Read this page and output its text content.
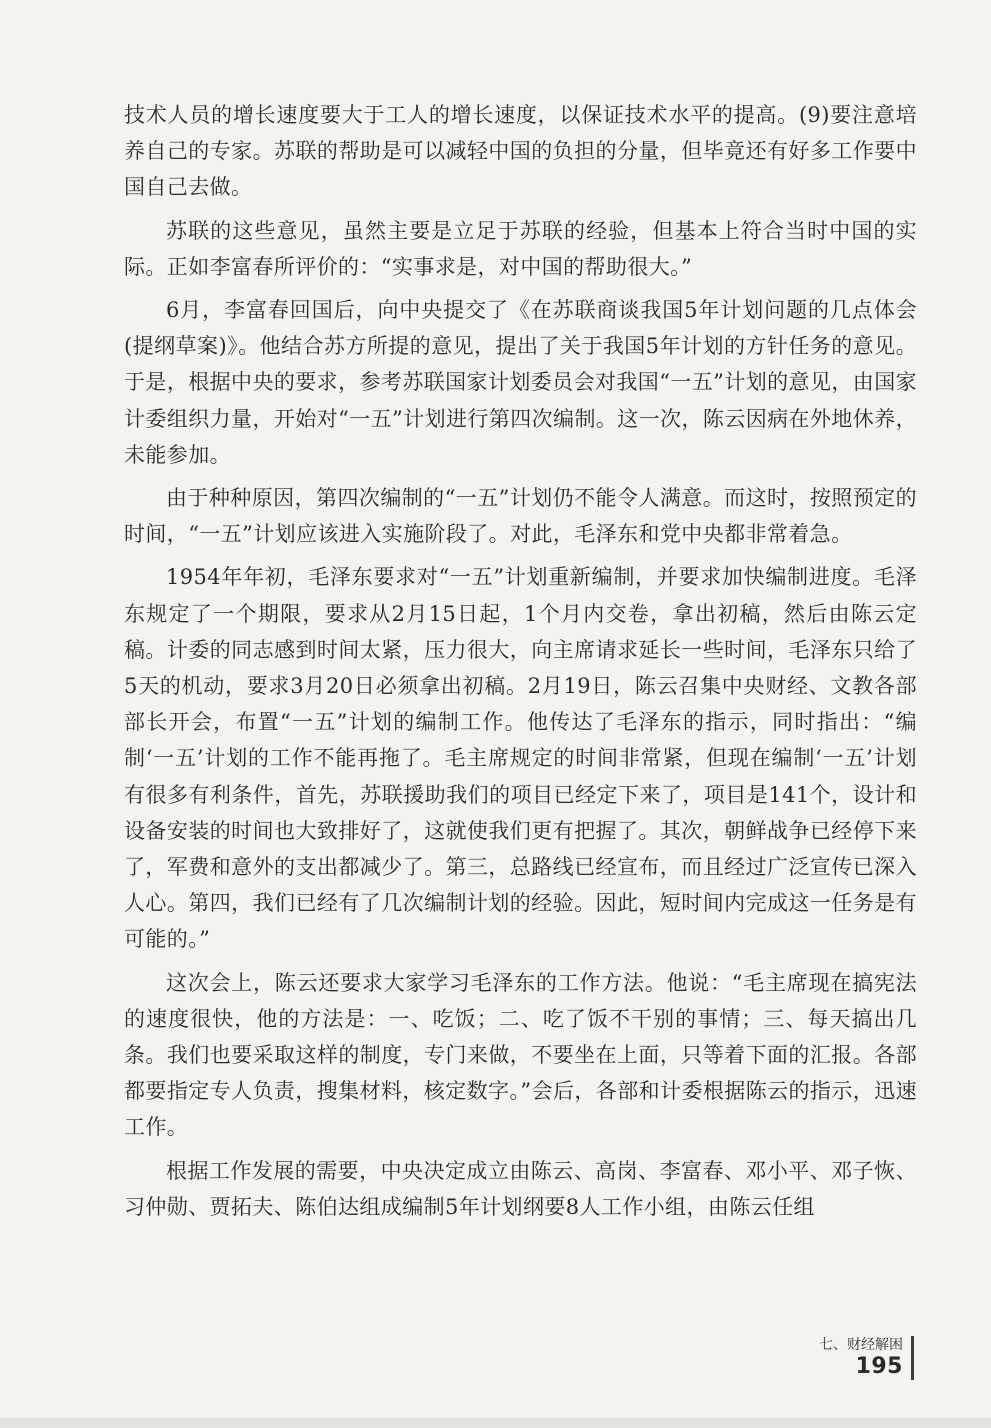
技术人员的增长速度要大于工人的增长速度，以保证技术水平的提高。(9)要注意培养自己的专家。苏联的帮助是可以减轻中国的负担的分量，但毕竟还有好多工作要中国自己去做。

苏联的这些意见，虽然主要是立足于苏联的经验，但基本上符合当时中国的实际。正如李富春所评价的：“实事求是，对中国的帮助很大。”

6月，李富春回国后，向中央提交了《在苏联商谈我国5年计划问题的几点体会(提纲草案)》。他结合苏方所提的意见，提出了关于我国5年计划的方针任务的意见。于是，根据中央的要求，参考苏联国家计划委员会对我国“一五”计划的意见，由国家计委组织力量，开始对“一五”计划进行第四次编制。这一次，陈云因病在外地休养，未能参加。

由于种种原因，第四次编制的“一五”计划仍不能令人满意。而这时，按照预定的时间，“一五”计划应该进入实施阶段了。对此，毛泽东和党中央都非常着急。

1954年年初，毛泽东要求对“一五”计划重新编制，并要求加快编制进度。毛泽东规定了一个期限，要求从2月15日起，1个月内交卷，拿出初稿，然后由陈云定稿。计委的同志感到时间太紧，压力很大，向主席请求延长一些时间，毛泽东只给了5天的机动，要求3月20日必须拿出初稿。2月19日，陈云召集中央财经、文教各部部长开会，布置“一五”计划的编制工作。他传达了毛泽东的指示，同时指出：“编制‘一五’计划的工作不能再拖了。毛主席规定的时间非常紧，但现在编制‘一五’计划有很多有利条件，首先，苏联援助我们的项目已经定下来了，项目是141个，设计和设备安装的时间也大致排好了，这就使我们更有把握了。其次，朝鲜战争已经停下来了，军费和意外的支出都减少了。第三，总路线已经宣布，而且经过广泛宣传已深入人心。第四，我们已经有了几次编制计划的经验。因此，短时间内完成这一任务是有可能的。”

这次会上，陈云还要求大家学习毛泽东的工作方法。他说：“毛主席现在搞宪法的速度很快，他的方法是：一、吃饭；二、吃了饭不干别的事情；三、每天搞出几条。我们也要采取这样的制度，专门来做，不要坐在上面，只等着下面的汇报。各部都要指定专人负责，搜集材料，核定数字。”会后，各部和计委根据陈云的指示，迅速工作。

根据工作发展的需要，中央决定成立由陈云、高岗、李富春、邓小平、邓子恢、习仲勋、贾拓夫、陈伯达组成编制5年计划纲要8人工作小组，由陈云任组

七、财经解困
195
